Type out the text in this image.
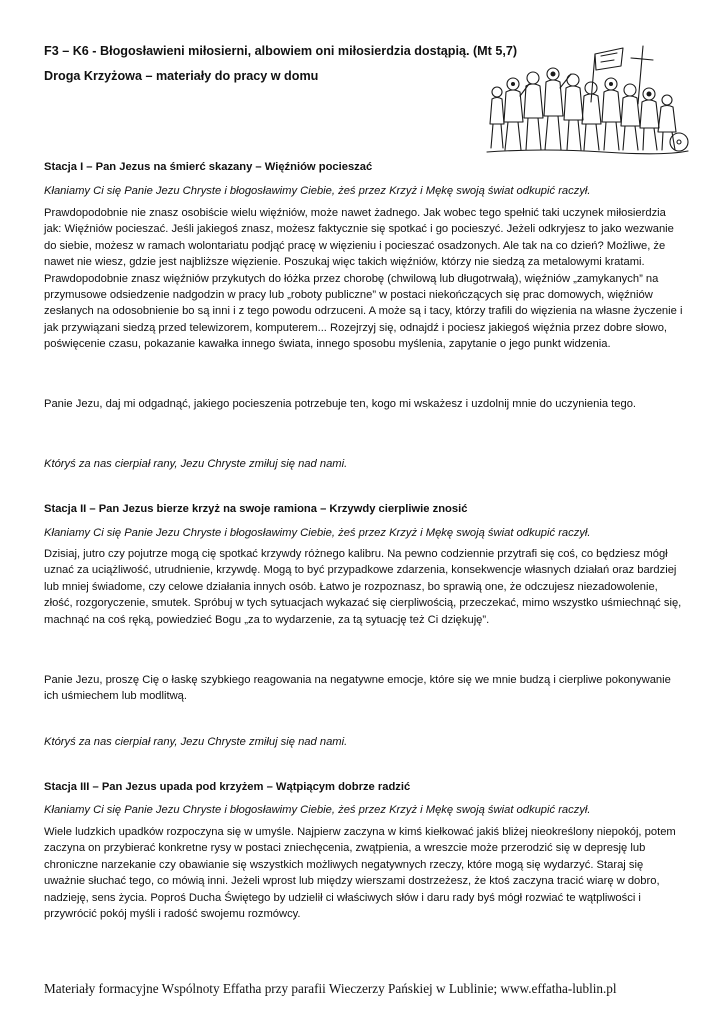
F3 – K6 - Błogosławieni miłosierni, albowiem oni miłosierdzia dostąpią. (Mt 5,7)
Droga Krzyżowa – materiały do pracy w domu
Stacja I – Pan Jezus na śmierć skazany – Więźniów pocieszać
Kłaniamy Ci się Panie Jezu Chryste i błogosławimy Ciebie, żeś przez Krzyż i Mękę swoją świat odkupić raczył.

Prawdopodobnie nie znasz osobiście wielu więźniów, może nawet żadnego. Jak wobec tego spełnić taki uczynek miłosierdzia jak: Więźniów pocieszać. Jeśli jakiegoś znasz, możesz faktycznie się spotkać i go pocieszyć. Jeżeli odkryjesz to jako wezwanie do siebie, możesz w ramach wolontariatu podjąć pracę w więzieniu i pocieszać osadzonych. Ale tak na co dzień? Możliwe, że nawet nie wiesz, gdzie jest najbliższe więzienie. Poszukaj więc takich więźniów, którzy nie siedzą za metalowymi kratami. Prawdopodobnie znasz więźniów przykutych do łóżka przez chorobę (chwilową lub długotrwałą), więźniów „zamykanych” na przymusowe odsiedzenie nadgodzin w pracy lub „roboty publiczne” w postaci niekończących się prac domowych, więźniów zesłanych na odosobnienie bo są inni i z tego powodu odrzuceni. A może są i tacy, którzy trafili do więzienia na własne życzenie i jak przywiązani siedzą przed telewizorem, komputerem... Rozejrzyj się, odnajdź i pociesz jakiegoś więźnia przez dobre słowo, poświęcenie czasu, pokazanie kawałka innego świata, innego sposobu myślenia, zapytanie o jego punkt widzenia.

Panie Jezu, daj mi odgadnąć, jakiego pocieszenia potrzebuje ten, kogo mi wskażesz i uzdolnij mnie do uczynienia tego.

Któryś za nas cierpiał rany, Jezu Chryste zmiłuj się nad nami.
Stacja II – Pan Jezus bierze krzyż na swoje ramiona – Krzywdy cierpliwie znosić
Kłaniamy Ci się Panie Jezu Chryste i błogosławimy Ciebie, żeś przez Krzyż i Mękę swoją świat odkupić raczył.

Dzisiaj, jutro czy pojutrze mogą cię spotkać krzywdy różnego kalibru. Na pewno codziennie przytrafi się coś, co będziesz mógł uznać za uciążliwość, utrudnienie, krzywdę. Mogą to być przypadkowe zdarzenia, konsekwencje własnych działań oraz bardziej lub mniej świadome, czy celowe działania innych osób. Łatwo je rozpoznasz, bo sprawią one, że odczujesz niezadowolenie, złość, rozgoryczenie, smutek. Spróbuj w tych sytuacjach wykazać się cierpliwością, przeczekać, mimo wszystko uśmiechnąć się, machnąć na coś ręką, powiedzieć Bogu „za to wydarzenie, za tą sytuację też Ci dziękuję”.

Panie Jezu, proszę Cię o łaskę szybkiego reagowania na negatywne emocje, które się we mnie budzą i cierpliwe pokonywanie ich uśmiechem lub modlitwą.

Któryś za nas cierpiał rany, Jezu Chryste zmiłuj się nad nami.
Stacja III – Pan Jezus upada pod krzyżem – Wątpiącym dobrze radzić
Kłaniamy Ci się Panie Jezu Chryste i błogosławimy Ciebie, żeś przez Krzyż i Mękę swoją świat odkupić raczył.

Wiele ludzkich upadków rozpoczyna się w umyśle. Najpierw zaczyna w kimś kiełkować jakiś bliżej nieokreślony niepokój, potem zaczyna on przybierać konkretne rysy w postaci zniechęcenia, zwątpienia, a wreszcie może przerodzić się w depresję lub chroniczne narzekanie czy obawianie się wszystkich możliwych negatywnych rzeczy, które mogą się wydarzyć. Staraj się uważnie słuchać tego, co mówią inni. Jeżeli wprost lub między wierszami dostrzeżesz, że ktoś zaczyna tracić wiarę w dobro, nadzieję, sens życia. Poproś Ducha Świętego by udzielił ci właściwych słów i daru rady byś mógł rozwiać te wątpliwości i przywrócić pokój myśli i radość swojemu rozmówcy.

Materiały formacyjne Wspólnoty Effatha przy parafii Wieczerzy Pańskiej w Lublinie; www.effatha-lublin.pl
